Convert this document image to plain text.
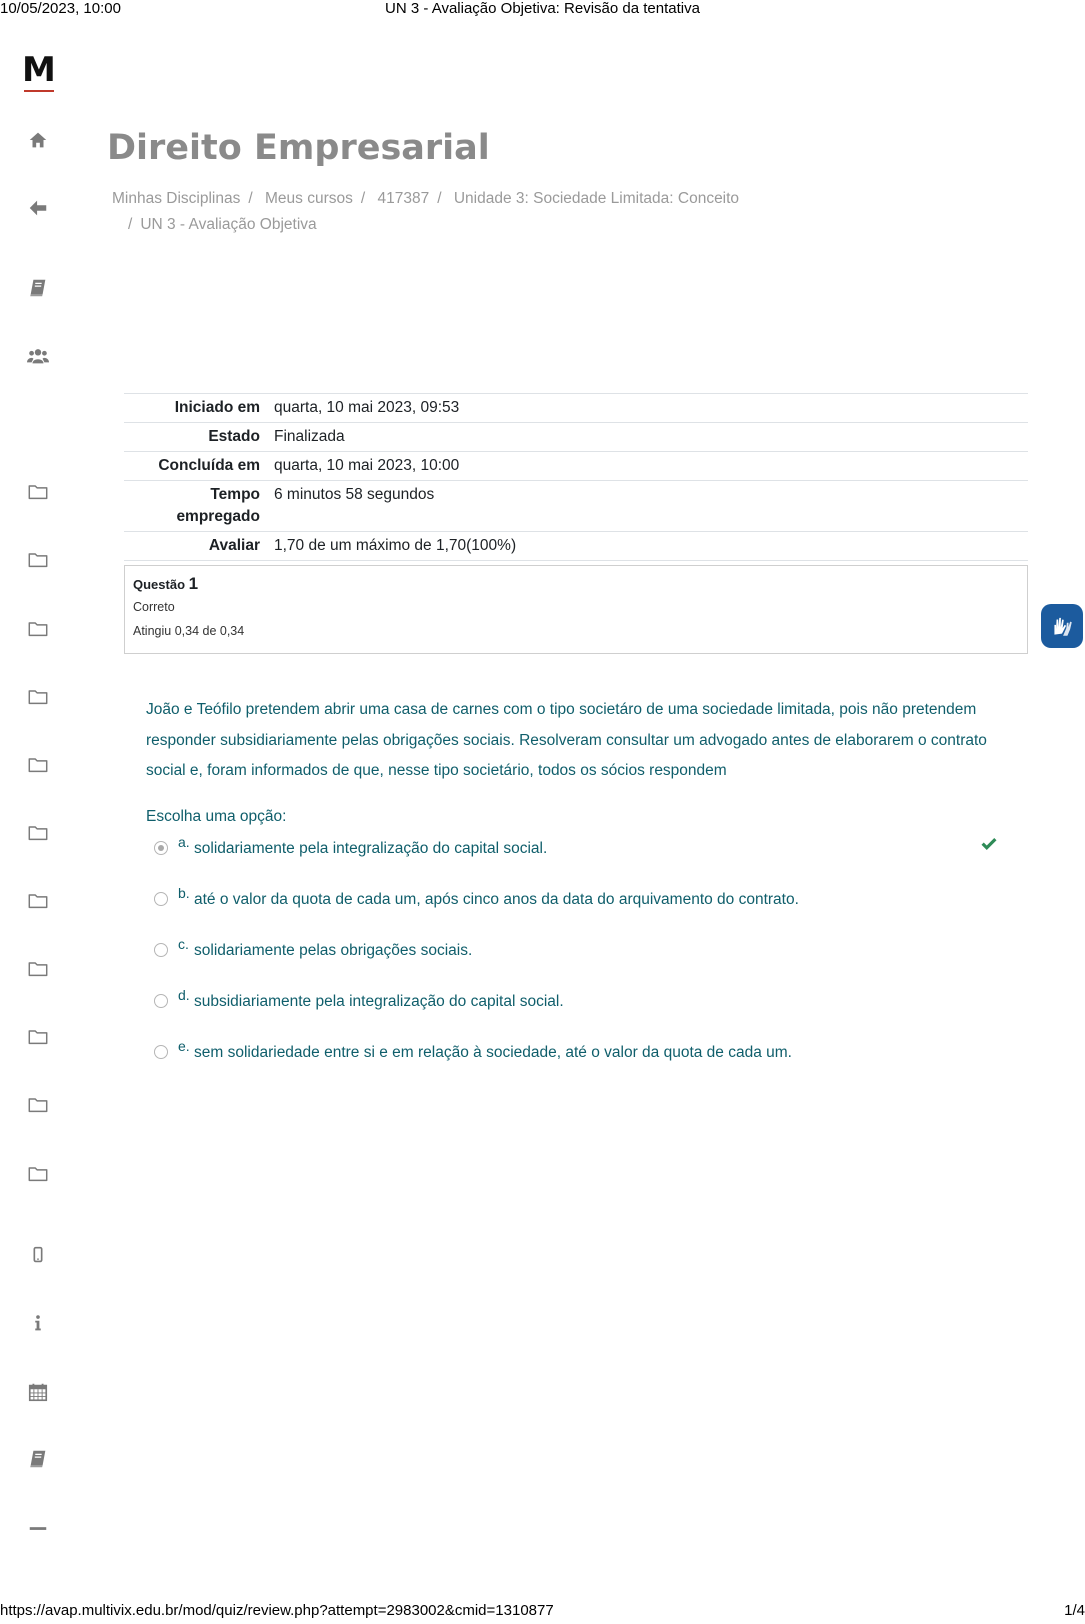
10/05/2023, 10:00	UN 3 - Avaliação Objetiva: Revisão da tentativa
M
Direito Empresarial
Minhas Disciplinas / Meus cursos / 417387 / Unidade 3: Sociedade Limitada: Conceito
/ UN 3 - Avaliação Objetiva
Iniciado em	quarta, 10 mai 2023, 09:53
Estado	Finalizada
Concluída em	quarta, 10 mai 2023, 10:00
Tempo empregado	6 minutos 58 segundos
Avaliar	1,70 de um máximo de 1,70(100%)
Questão 1
Correto
Atingiu 0,34 de 0,34
João e Teófilo pretendem abrir uma casa de carnes com o tipo societáro de uma sociedade limitada, pois não pretendem responder subsidiariamente pelas obrigações sociais. Resolveram consultar um advogado antes de elaborarem o contrato social e, foram informados de que, nesse tipo societário, todos os sócios respondem
Escolha uma opção:
a. solidariamente pela integralização do capital social.
b. até o valor da quota de cada um, após cinco anos da data do arquivamento do contrato.
c. solidariamente pelas obrigações sociais.
d. subsidiariamente pela integralização do capital social.
e. sem solidariedade entre si e em relação à sociedade, até o valor da quota de cada um.
https://avap.multivix.edu.br/mod/quiz/review.php?attempt=2983002&cmid=1310877	1/4
